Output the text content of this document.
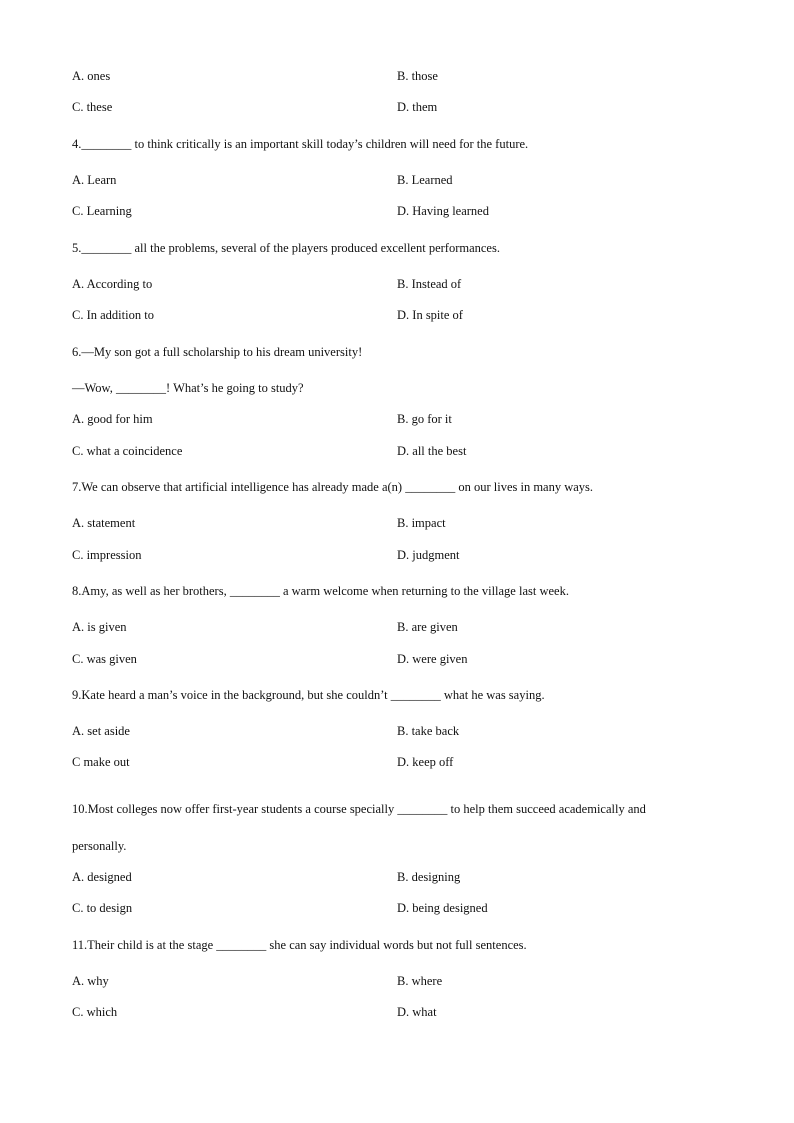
A. ones	B. those
C. these	D. them
4.________ to think critically is an important skill today’s children will need for the future.
A. Learn	B. Learned
C. Learning	D. Having learned
5.________ all the problems, several of the players produced excellent performances.
A. According to	B. Instead of
C. In addition to	D. In spite of
6.—My son got a full scholarship to his dream university!
—Wow, ________! What’s he going to study?
A. good for him	B. go for it
C. what a coincidence	D. all the best
7.We can observe that artificial intelligence has already made a(n) ________ on our lives in many ways.
A. statement	B. impact
C. impression	D. judgment
8.Amy, as well as her brothers, ________ a warm welcome when returning to the village last week.
A. is given	B. are given
C. was given	D. were given
9.Kate heard a man’s voice in the background, but she couldn’t ________ what he was saying.
A. set aside	B. take back
C make out	D. keep off
10.Most colleges now offer first-year students a course specially ________ to help them succeed academically and
personally.
A. designed	B. designing
C. to design	D. being designed
11.Their child is at the stage ________ she can say individual words but not full sentences.
A. why	B. where
C. which	D. what
